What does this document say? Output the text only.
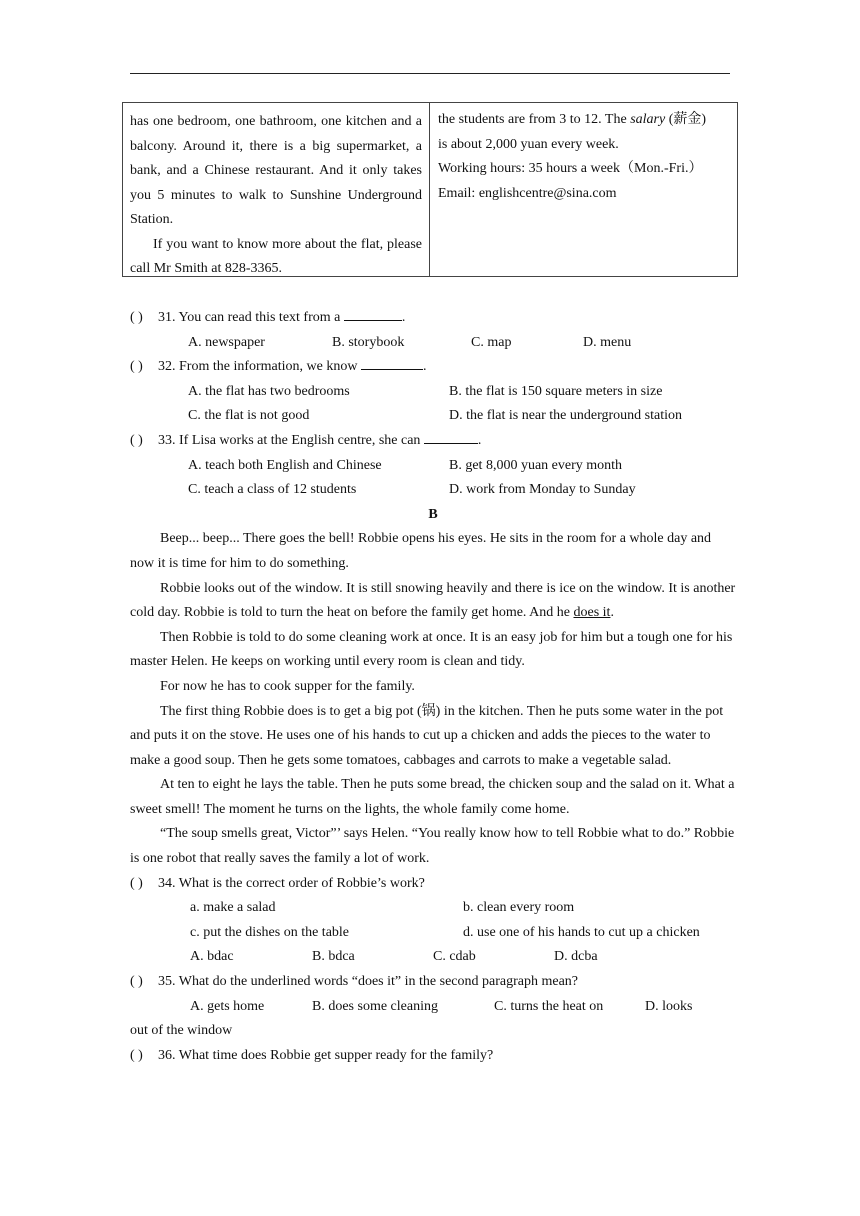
has one bedroom, one bathroom, one kitchen and a balcony. Around it, there is a big supermarket, a bank, and a Chinese restaurant. And it only takes you 5 minutes to walk to Sunshine Underground Station.

If you want to know more about the flat, please call Mr Smith at 828-3365.

the students are from 3 to 12. The salary (薪金)

is about 2,000 yuan every week.

Working hours: 35 hours a week（Mon.-Fri.）

Email: englishcentre@sina.com

( ) 31. You can read this text from a	.
A. newspaper	B. storybook	C. map	D. menu
( ) 32. From the information, we know	.
A. the flat has two bedrooms	B. the flat is 150 square meters in size
C. the flat is not good	D. the flat is near the underground station
( ) 33. If Lisa works at the English centre, she can	.
A. teach both English and Chinese	B. get 8,000 yuan every month
C. teach a class of 12 students	D. work from Monday to Sunday
B

Beep... beep... There goes the bell! Robbie opens his eyes. He sits in the room for a whole day and now it is time for him to do something.

Robbie looks out of the window. It is still snowing heavily and there is ice on the window. It is another cold day. Robbie is told to turn the heat on before the family get home. And he does it.

Then Robbie is told to do some cleaning work at once. It is an easy job for him but a tough one for his master Helen. He keeps on working until every room is clean and tidy.

For now he has to cook supper for the family.

The first thing Robbie does is to get a big pot (锅) in the kitchen. Then he puts some water in the pot and puts it on the stove. He uses one of his hands to cut up a chicken and adds the pieces to the water to make a good soup. Then he gets some tomatoes, cabbages and carrots to make a vegetable salad.

At ten to eight he lays the table. Then he puts some bread, the chicken soup and the salad on it. What a sweet smell! The moment he turns on the lights, the whole family come home.

“The soup smells great, Victor”’ says Helen. “You really know how to tell Robbie what to do.” Robbie is one robot that really saves the family a lot of work.

( ) 34. What is the correct order of Robbie’s work?
a. make a salad	b. clean every room
c. put the dishes on the table	d. use one of his hands to cut up a chicken
A. bdac	B. bdca	C. cdab	D. dcba
( ) 35. What do the underlined words “does it” in the second paragraph mean?
A. gets home	B. does some cleaning	C. turns the heat on	D. looks
out of the window
( ) 36. What time does Robbie get supper ready for the family?
